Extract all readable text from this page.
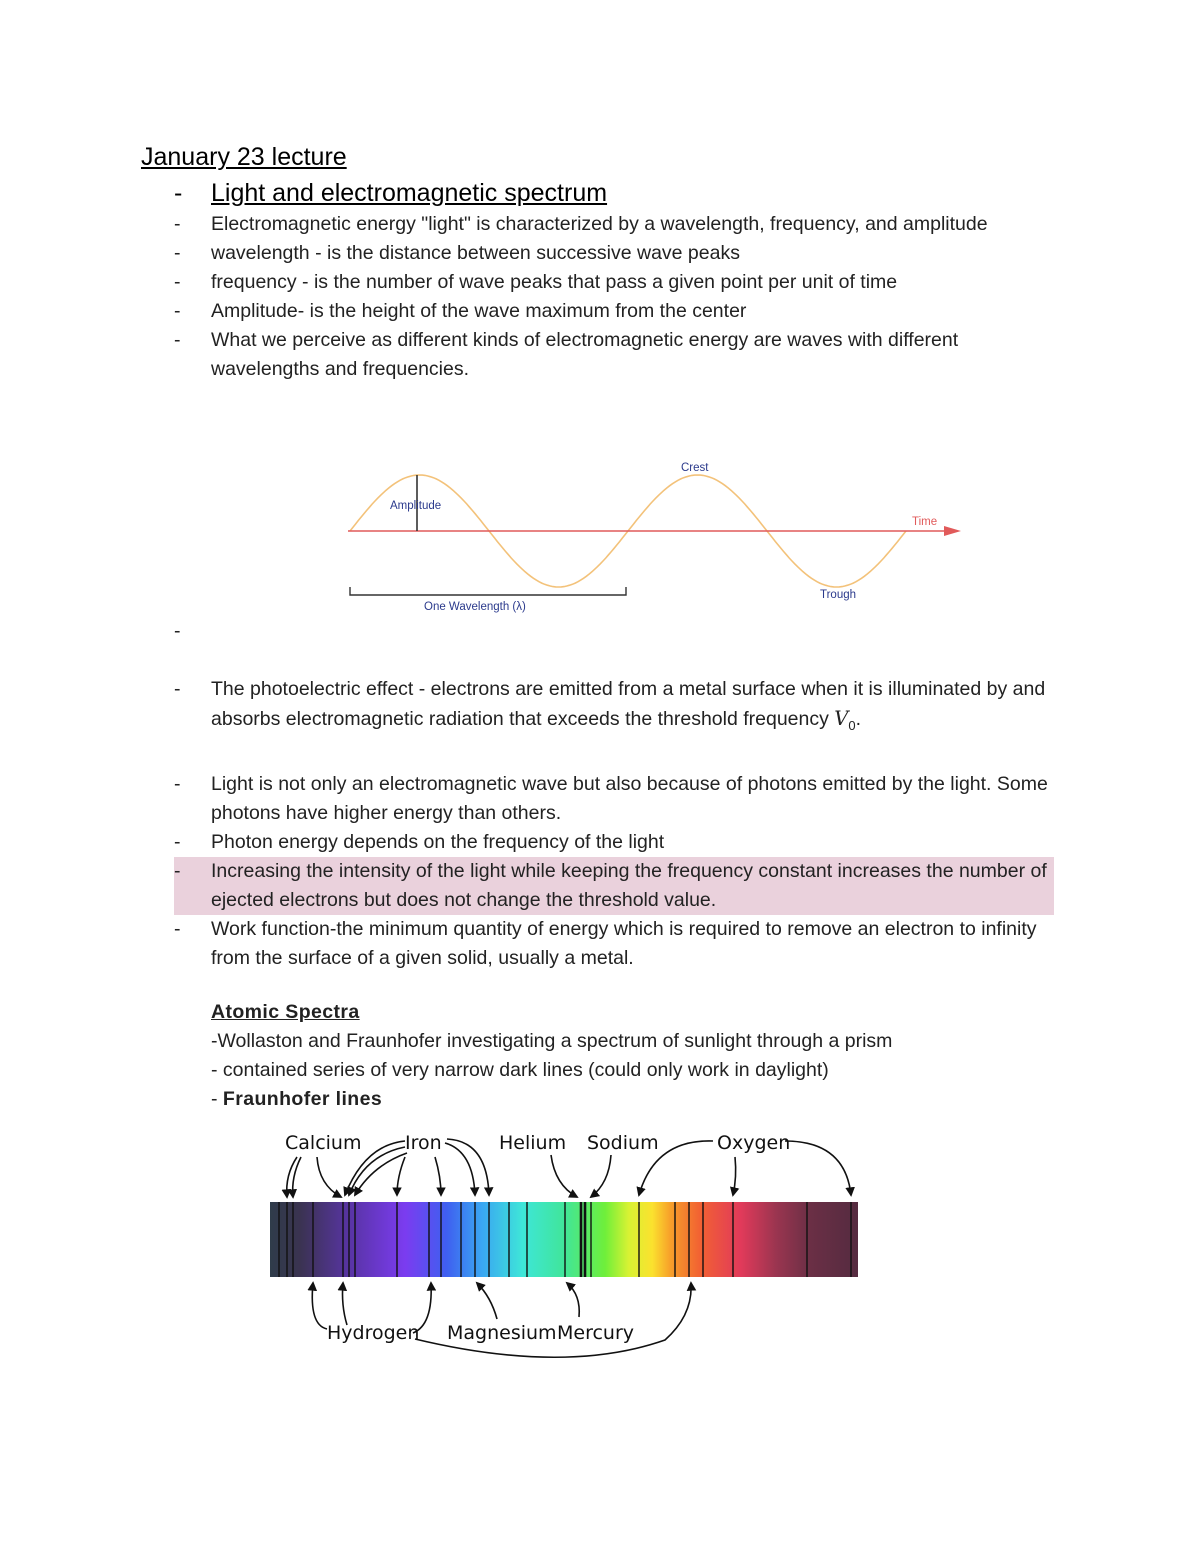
January 23 lecture
- Light and electromagnetic spectrum
- Electromagnetic energy "light" is characterized by a wavelength, frequency, and amplitude
- wavelength - is the distance between successive wave peaks
- frequency - is the number of wave peaks that pass a given point per unit of time
- Amplitude- is the height of the wave maximum from the center
- What we perceive as different kinds of electromagnetic energy are waves with different wavelengths and frequencies.
Amplitude
Crest
Time
Trough
One Wavelength (λ)
-
- The photoelectric effect - electrons are emitted from a metal surface when it is illuminated by and absorbs electromagnetic radiation that exceeds the threshold frequency $V_0$.
- Light is not only an electromagnetic wave but also because of photons emitted by the light. Some photons have higher energy than others.
- Photon energy depends on the frequency of the light
- Increasing the intensity of the light while keeping the frequency constant increases the number of ejected electrons but does not change the threshold value.
- Work function-the minimum quantity of energy which is required to remove an electron to infinity from the surface of a given solid, usually a metal.
Atomic Spectra
-Wollaston and Fraunhofer investigating a spectrum of sunlight through a prism
- contained series of very narrow dark lines (could only work in daylight)
- Fraunhofer lines
Calcium Iron	Helium Sodium	Oxygen
Hydrogen Magnesium Mercury
